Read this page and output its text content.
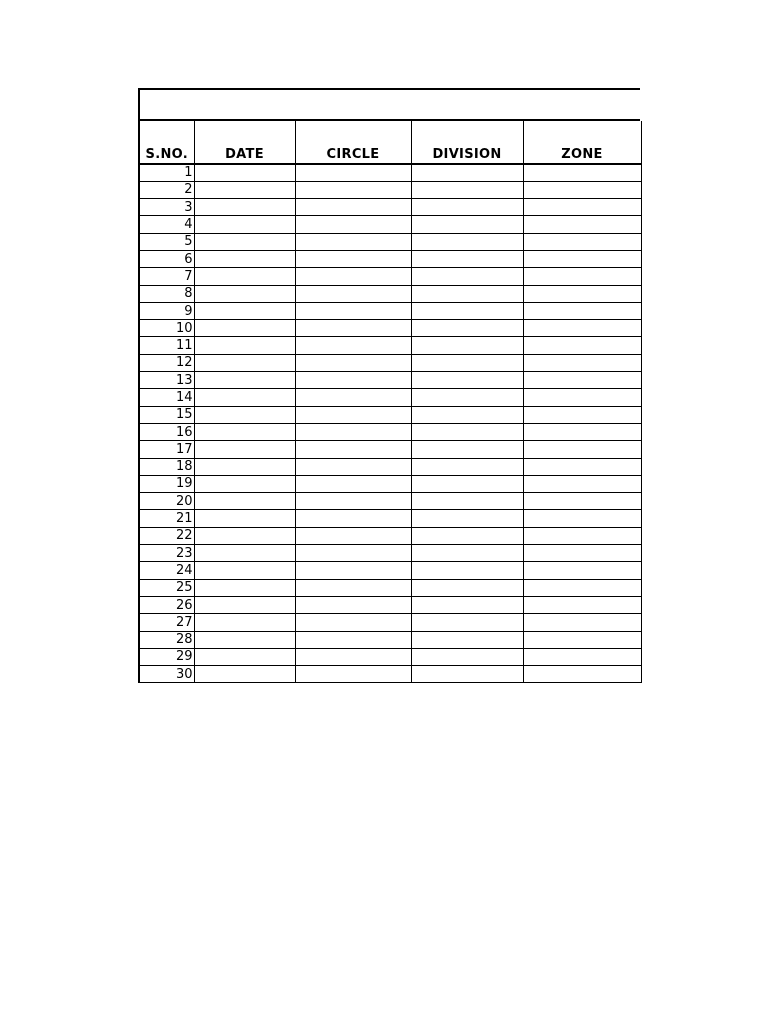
S.NO.	DATE	CIRCLE	DIVISION	ZONE
1				
2				
3				
4				
5				
6				
7				
8				
9				
10				
11				
12				
13				
14				
15				
16				
17				
18				
19				
20				
21				
22				
23				
24				
25				
26				
27				
28				
29				
30				
